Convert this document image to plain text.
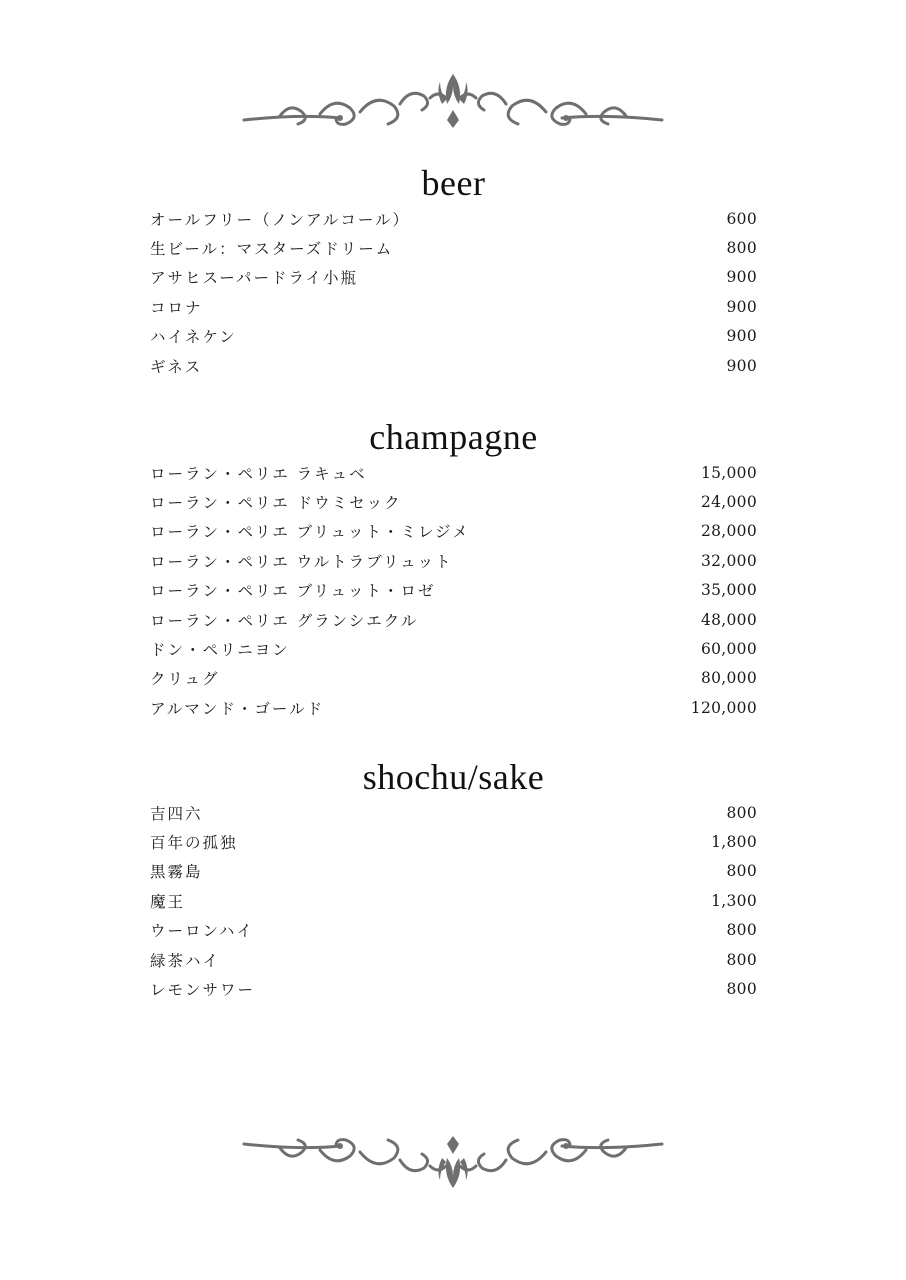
beer
オールフリー（ノンアルコール）	600
生ビール：マスターズドリーム	800
アサヒスーパードライ小瓶	900
コロナ	900
ハイネケン	900
ギネス	900
champagne
ローラン・ペリエ ラキュベ	15,000
ローラン・ペリエ ドウミセック	24,000
ローラン・ペリエ ブリュット・ミレジメ	28,000
ローラン・ペリエ ウルトラブリュット	32,000
ローラン・ペリエ ブリュット・ロゼ	35,000
ローラン・ペリエ グランシエクル	48,000
ドン・ペリニヨン	60,000
クリュグ	80,000
アルマンド・ゴールド	120,000
shochu/sake
吉四六	800
百年の孤独	1,800
黒霧島	800
魔王	1,300
ウーロンハイ	800
緑茶ハイ	800
レモンサワー	800
